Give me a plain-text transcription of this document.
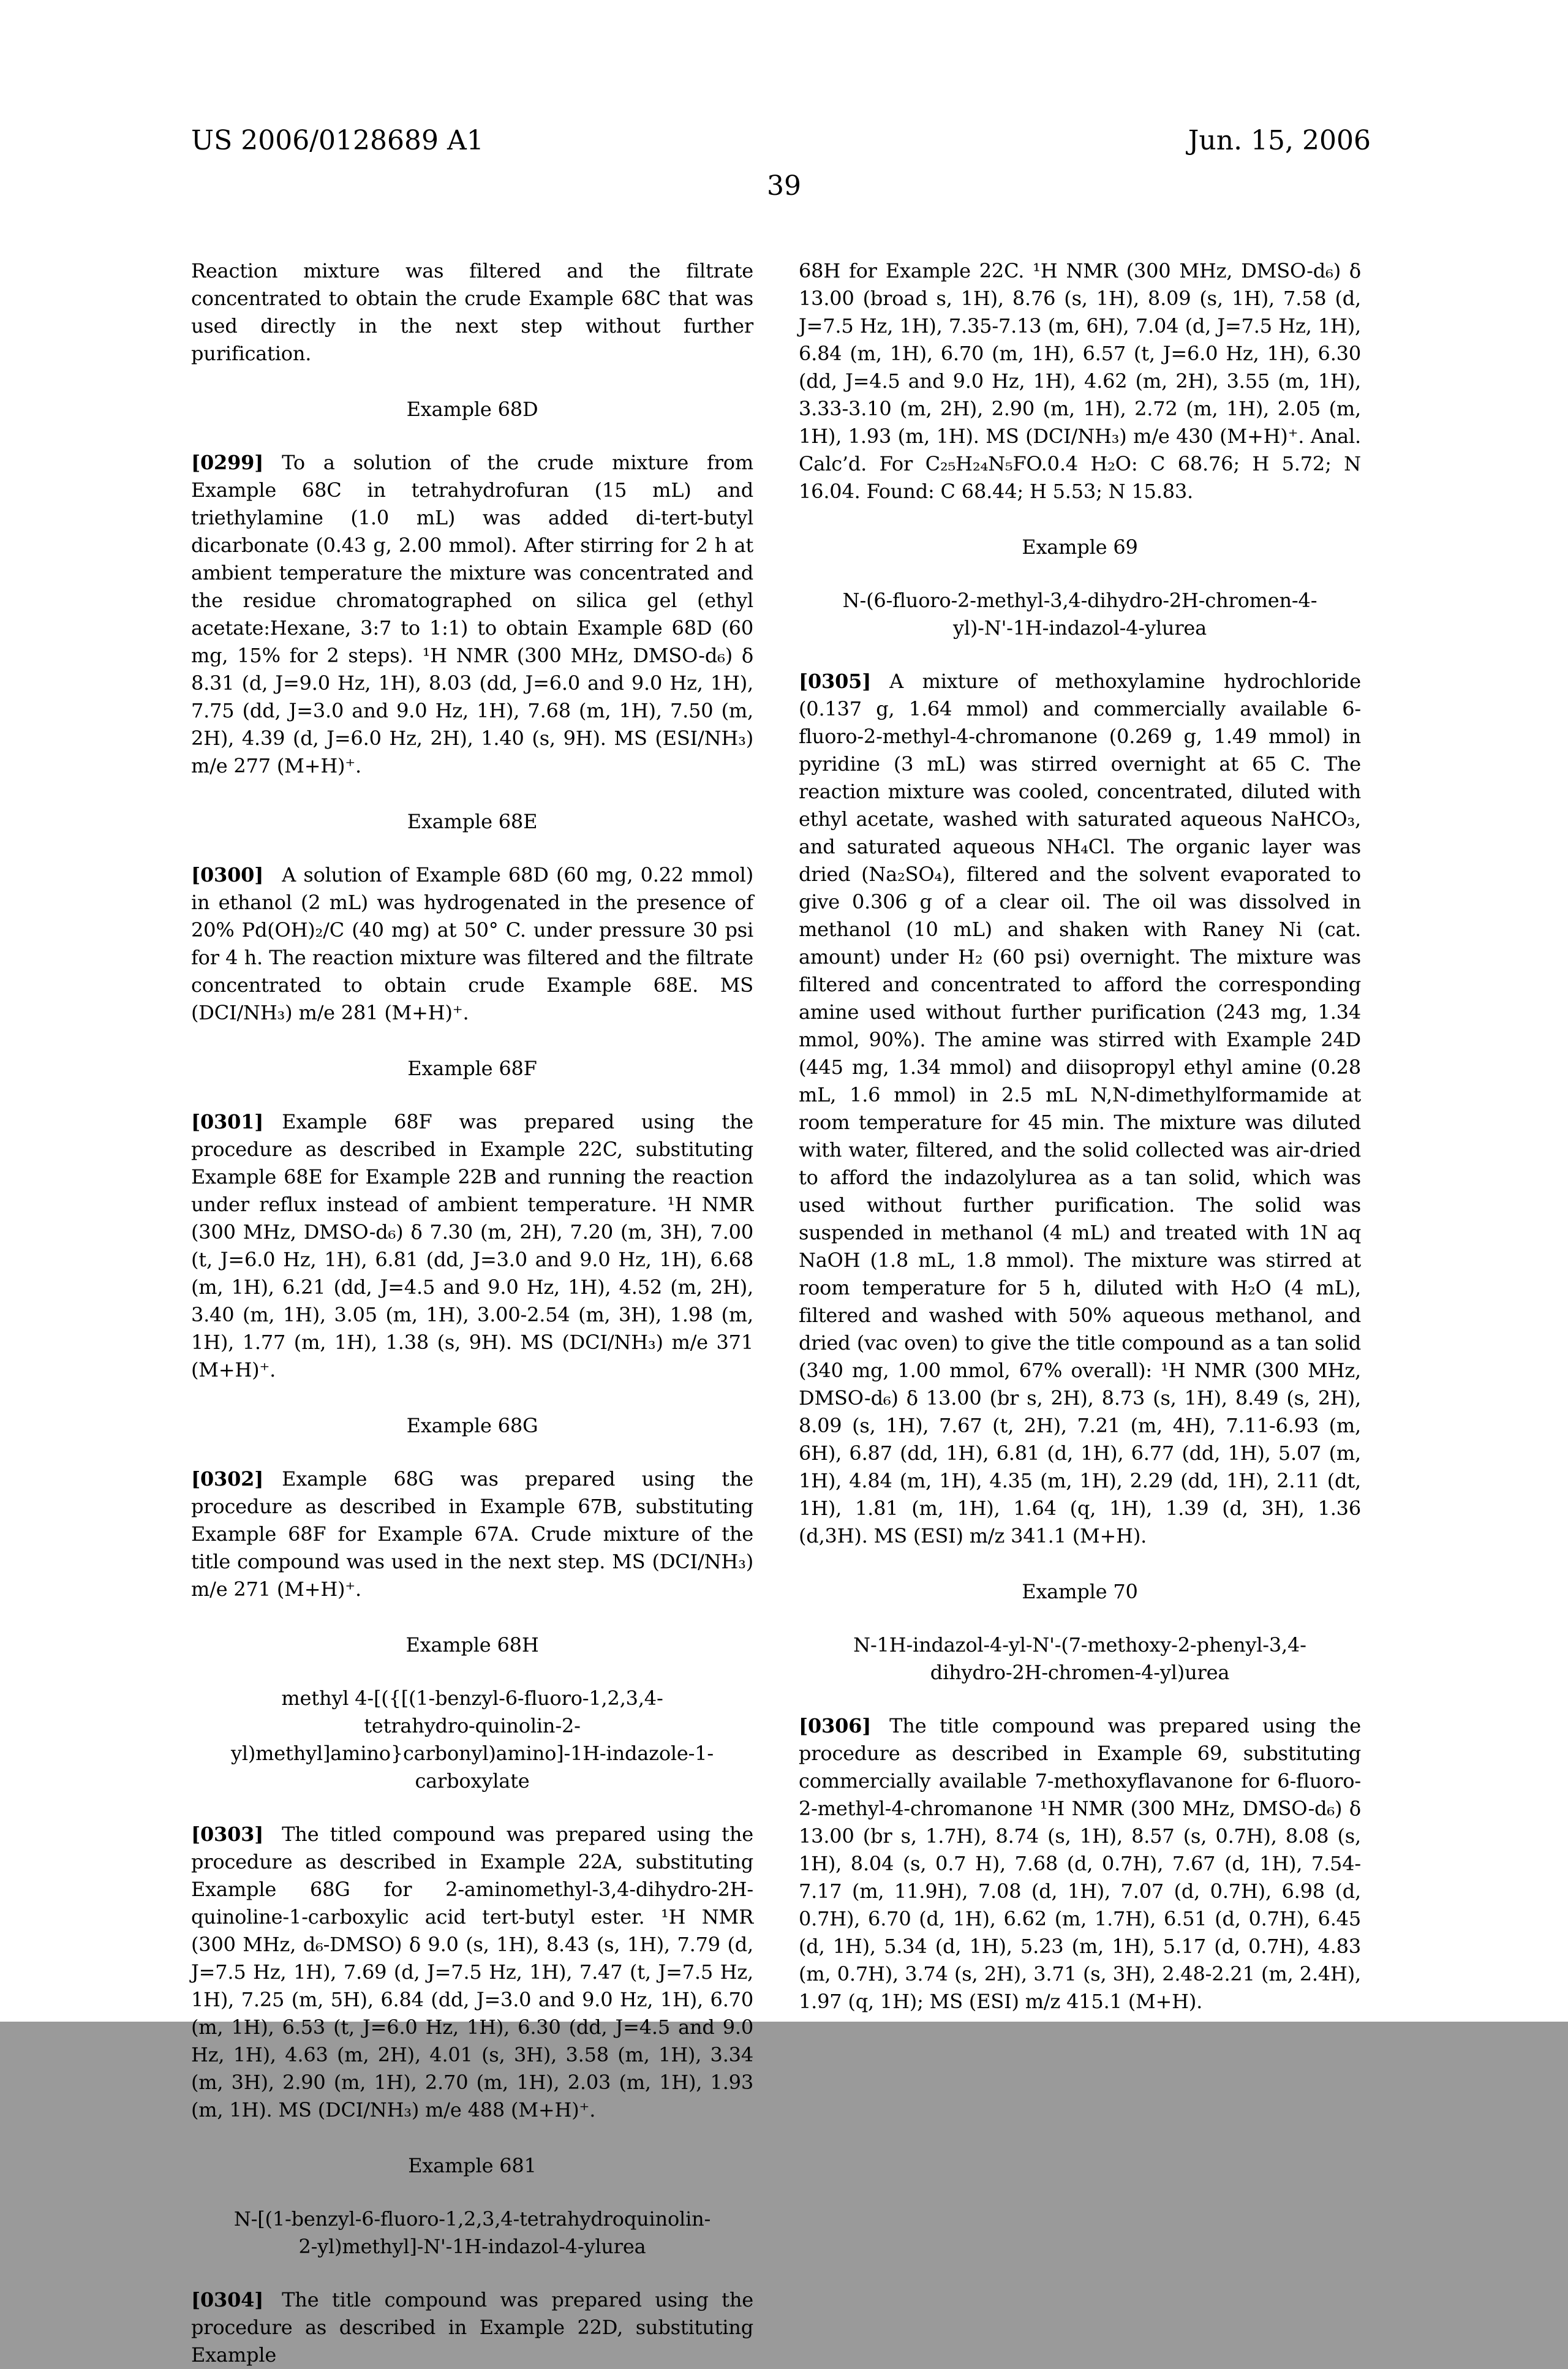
US 2006/0128689 A1	Jun. 15, 2006
39

Reaction mixture was filtered and the filtrate concentrated to obtain the crude Example 68C that was used directly in the next step without further purification.

Example 68D

[0299] To a solution of the crude mixture from Example 68C in tetrahydrofuran (15 mL) and triethylamine (1.0 mL) was added di-tert-butyl dicarbonate (0.43 g, 2.00 mmol). After stirring for 2 h at ambient temperature the mixture was concentrated and the residue chromatographed on silica gel (ethyl acetate:Hexane, 3:7 to 1:1) to obtain Example 68D (60 mg, 15% for 2 steps). ¹H NMR (300 MHz, DMSO-d₆) δ 8.31 (d, J=9.0 Hz, 1H), 8.03 (dd, J=6.0 and 9.0 Hz, 1H), 7.75 (dd, J=3.0 and 9.0 Hz, 1H), 7.68 (m, 1H), 7.50 (m, 2H), 4.39 (d, J=6.0 Hz, 2H), 1.40 (s, 9H). MS (ESI/NH₃) m/e 277 (M+H)⁺.

Example 68E

[0300] A solution of Example 68D (60 mg, 0.22 mmol) in ethanol (2 mL) was hydrogenated in the presence of 20% Pd(OH)₂/C (40 mg) at 50° C. under pressure 30 psi for 4 h. The reaction mixture was filtered and the filtrate concentrated to obtain crude Example 68E. MS (DCI/NH₃) m/e 281 (M+H)⁺.

Example 68F

[0301] Example 68F was prepared using the procedure as described in Example 22C, substituting Example 68E for Example 22B and running the reaction under reflux instead of ambient temperature. ¹H NMR (300 MHz, DMSO-d₆) δ 7.30 (m, 2H), 7.20 (m, 3H), 7.00 (t, J=6.0 Hz, 1H), 6.81 (dd, J=3.0 and 9.0 Hz, 1H), 6.68 (m, 1H), 6.21 (dd, J=4.5 and 9.0 Hz, 1H), 4.52 (m, 2H), 3.40 (m, 1H), 3.05 (m, 1H), 3.00-2.54 (m, 3H), 1.98 (m, 1H), 1.77 (m, 1H), 1.38 (s, 9H). MS (DCI/NH₃) m/e 371 (M+H)⁺.

Example 68G

[0302] Example 68G was prepared using the procedure as described in Example 67B, substituting Example 68F for Example 67A. Crude mixture of the title compound was used in the next step. MS (DCI/NH₃) m/e 271 (M+H)⁺.

Example 68H
methyl 4-[({[(1-benzyl-6-fluoro-1,2,3,4-tetrahydro-quinolin-2-yl)methyl]amino}carbonyl)amino]-1H-indazole-1-carboxylate

[0303] The titled compound was prepared using the procedure as described in Example 22A, substituting Example 68G for 2-aminomethyl-3,4-dihydro-2H-quinoline-1-carboxylic acid tert-butyl ester. ¹H NMR (300 MHz, d₆-DMSO) δ 9.0 (s, 1H), 8.43 (s, 1H), 7.79 (d, J=7.5 Hz, 1H), 7.69 (d, J=7.5 Hz, 1H), 7.47 (t, J=7.5 Hz, 1H), 7.25 (m, 5H), 6.84 (dd, J=3.0 and 9.0 Hz, 1H), 6.70 (m, 1H), 6.53 (t, J=6.0 Hz, 1H), 6.30 (dd, J=4.5 and 9.0 Hz, 1H), 4.63 (m, 2H), 4.01 (s, 3H), 3.58 (m, 1H), 3.34 (m, 3H), 2.90 (m, 1H), 2.70 (m, 1H), 2.03 (m, 1H), 1.93 (m, 1H). MS (DCI/NH₃) m/e 488 (M+H)⁺.

Example 681
N-[(1-benzyl-6-fluoro-1,2,3,4-tetrahydroquinolin-2-yl)methyl]-N'-1H-indazol-4-ylurea

[0304] The title compound was prepared using the procedure as described in Example 22D, substituting Example

68H for Example 22C. ¹H NMR (300 MHz, DMSO-d₆) δ 13.00 (broad s, 1H), 8.76 (s, 1H), 8.09 (s, 1H), 7.58 (d, J=7.5 Hz, 1H), 7.35-7.13 (m, 6H), 7.04 (d, J=7.5 Hz, 1H), 6.84 (m, 1H), 6.70 (m, 1H), 6.57 (t, J=6.0 Hz, 1H), 6.30 (dd, J=4.5 and 9.0 Hz, 1H), 4.62 (m, 2H), 3.55 (m, 1H), 3.33-3.10 (m, 2H), 2.90 (m, 1H), 2.72 (m, 1H), 2.05 (m, 1H), 1.93 (m, 1H). MS (DCI/NH₃) m/e 430 (M+H)⁺. Anal. Calc’d. For C₂₅H₂₄N₅FO.0.4 H₂O: C 68.76; H 5.72; N 16.04. Found: C 68.44; H 5.53; N 15.83.

Example 69
N-(6-fluoro-2-methyl-3,4-dihydro-2H-chromen-4-yl)-N'-1H-indazol-4-ylurea

[0305] A mixture of methoxylamine hydrochloride (0.137 g, 1.64 mmol) and commercially available 6-fluoro-2-methyl-4-chromanone (0.269 g, 1.49 mmol) in pyridine (3 mL) was stirred overnight at 65 C. The reaction mixture was cooled, concentrated, diluted with ethyl acetate, washed with saturated aqueous NaHCO₃, and saturated aqueous NH₄Cl. The organic layer was dried (Na₂SO₄), filtered and the solvent evaporated to give 0.306 g of a clear oil. The oil was dissolved in methanol (10 mL) and shaken with Raney Ni (cat. amount) under H₂ (60 psi) overnight. The mixture was filtered and concentrated to afford the corresponding amine used without further purification (243 mg, 1.34 mmol, 90%). The amine was stirred with Example 24D (445 mg, 1.34 mmol) and diisopropyl ethyl amine (0.28 mL, 1.6 mmol) in 2.5 mL N,N-dimethylformamide at room temperature for 45 min. The mixture was diluted with water, filtered, and the solid collected was air-dried to afford the indazolylurea as a tan solid, which was used without further purification. The solid was suspended in methanol (4 mL) and treated with 1N aq NaOH (1.8 mL, 1.8 mmol). The mixture was stirred at room temperature for 5 h, diluted with H₂O (4 mL), filtered and washed with 50% aqueous methanol, and dried (vac oven) to give the title compound as a tan solid (340 mg, 1.00 mmol, 67% overall): ¹H NMR (300 MHz, DMSO-d₆) δ 13.00 (br s, 2H), 8.73 (s, 1H), 8.49 (s, 2H), 8.09 (s, 1H), 7.67 (t, 2H), 7.21 (m, 4H), 7.11-6.93 (m, 6H), 6.87 (dd, 1H), 6.81 (d, 1H), 6.77 (dd, 1H), 5.07 (m, 1H), 4.84 (m, 1H), 4.35 (m, 1H), 2.29 (dd, 1H), 2.11 (dt, 1H), 1.81 (m, 1H), 1.64 (q, 1H), 1.39 (d, 3H), 1.36 (d,3H). MS (ESI) m/z 341.1 (M+H).

Example 70
N-1H-indazol-4-yl-N'-(7-methoxy-2-phenyl-3,4-dihydro-2H-chromen-4-yl)urea

[0306] The title compound was prepared using the procedure as described in Example 69, substituting commercially available 7-methoxyflavanone for 6-fluoro-2-methyl-4-chromanone ¹H NMR (300 MHz, DMSO-d₆) δ 13.00 (br s, 1.7H), 8.74 (s, 1H), 8.57 (s, 0.7H), 8.08 (s, 1H), 8.04 (s, 0.7 H), 7.68 (d, 0.7H), 7.67 (d, 1H), 7.54-7.17 (m, 11.9H), 7.08 (d, 1H), 7.07 (d, 0.7H), 6.98 (d, 0.7H), 6.70 (d, 1H), 6.62 (m, 1.7H), 6.51 (d, 0.7H), 6.45 (d, 1H), 5.34 (d, 1H), 5.23 (m, 1H), 5.17 (d, 0.7H), 4.83 (m, 0.7H), 3.74 (s, 2H), 3.71 (s, 3H), 2.48-2.21 (m, 2.4H), 1.97 (q, 1H); MS (ESI) m/z 415.1 (M+H).
